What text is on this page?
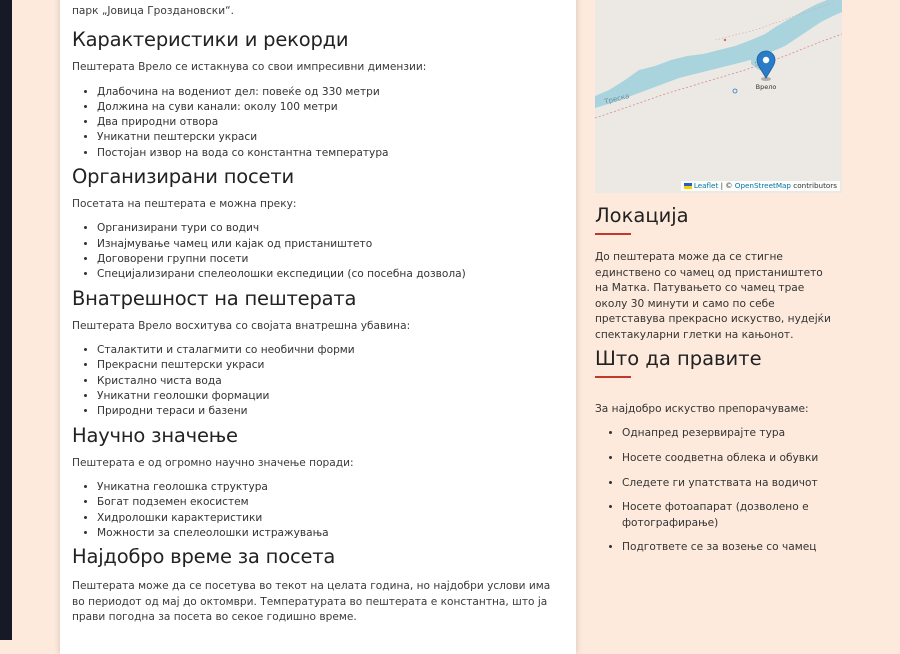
парк „Јовица Гроздановски“.

Карактеристики и рекорди

Пештерата Врело се истакнува со свои импресивни димензии:

• Длабочина на водениот дел: повеќе од 330 метри
• Должина на суви канали: околу 100 метри
• Два природни отвора
• Уникатни пештерски украси
• Постојан извор на вода со константна температура
Организирани посети

Посетата на пештерата е можна преку:

• Организирани тури со водич
• Изнајмување чамец или кајак од пристаништето
• Договорени групни посети
• Специјализирани спелеолошки експедиции (со посебна дозвола)
Внатрешност на пештерата

Пештерата Врело восхитува со својата внатрешна убавина:

• Сталактити и сталагмити со необични форми
• Прекрасни пештерски украси
• Кристално чиста вода
• Уникатни геолошки формации
• Природни тераси и базени
Научно значење

Пештерата е од огромно научно значење поради:

• Уникатна геолошка структура
• Богат подземен екосистем
• Хидролошки карактеристики
• Можности за спелеолошки истражувања
Најдобро време за посета

Пештерата може да се посетува во текот на целата година, но најдобри услови има во периодот од мај до октомври. Температурата во пештерата е константна, што ја прави погодна за посета во секое годишно време.

Треска
Врело
Leaflet | © OpenStreetMap contributors
Локација

До пештерата може да се стигне единствено со чамец од пристаништето на Матка. Патувањето со чамец трае околу 30 минути и само по себе претставува прекрасно искуство, нудејќи спектакуларни глетки на кањонот.

Што да правите

За најдобро искуство препорачуваме:

• Однапред резервирајте тура
• Носете соодветна облека и обувки
• Следете ги упатствата на водичот
• Носете фотоапарат (дозволено е фотографирање)
• Подгответе се за возење со чамец
